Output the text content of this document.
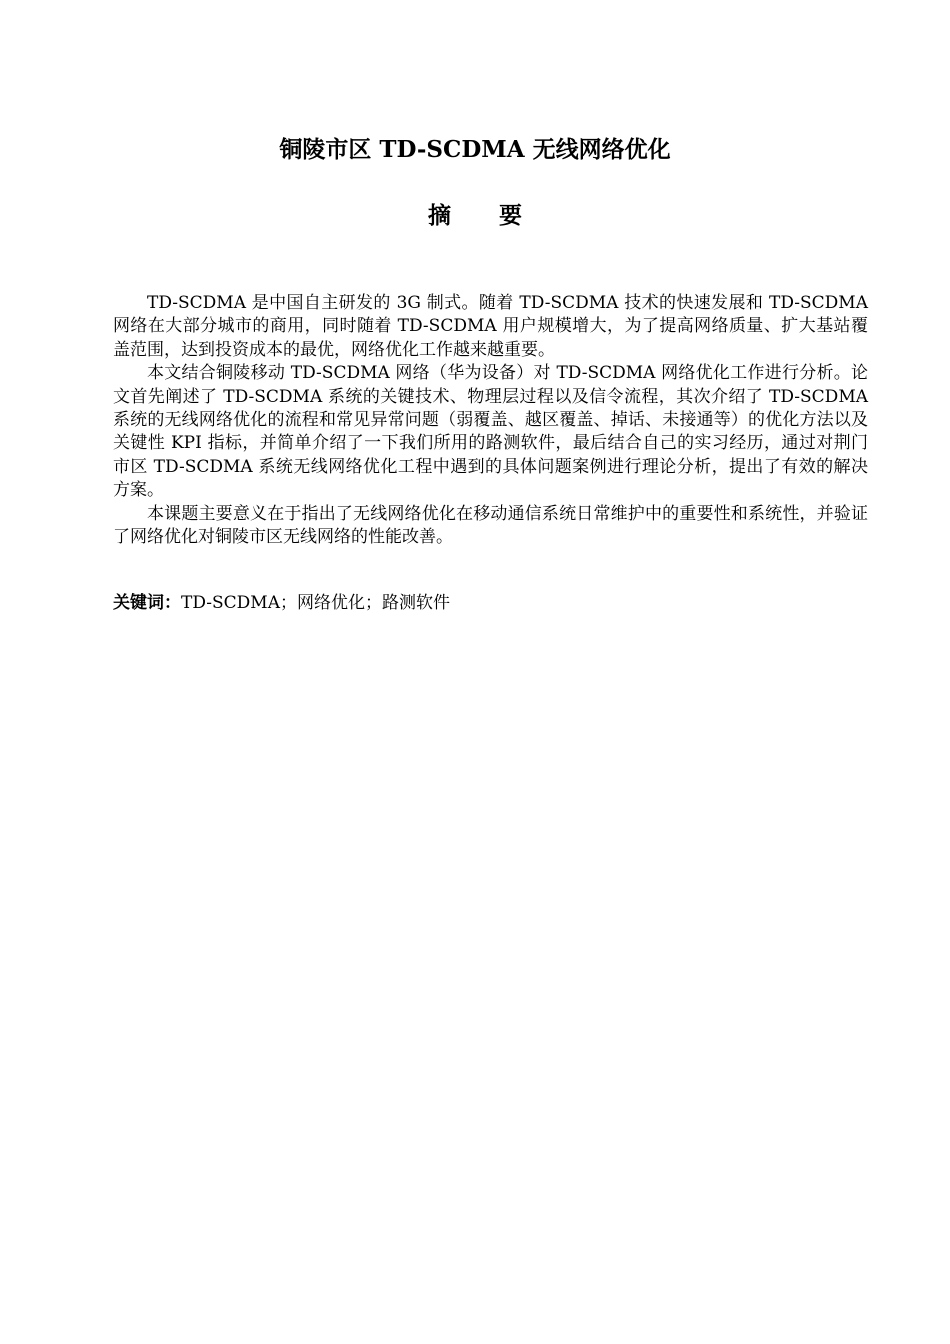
铜陵市区 TD-SCDMA 无线网络优化
摘 要

TD-SCDMA 是中国自主研发的 3G 制式。随着 TD-SCDMA 技术的快速发展和 TD-SCDMA 网络在大部分城市的商用，同时随着 TD-SCDMA 用户规模增大，为了提高网络质量、扩大基站覆盖范围，达到投资成本的最优，网络优化工作越来越重要。

本文结合铜陵移动 TD-SCDMA 网络（华为设备）对 TD-SCDMA 网络优化工作进行分析。论文首先阐述了 TD-SCDMA 系统的关键技术、物理层过程以及信令流程，其次介绍了 TD-SCDMA 系统的无线网络优化的流程和常见异常问题（弱覆盖、越区覆盖、掉话、未接通等）的优化方法以及关键性 KPI 指标，并简单介绍了一下我们所用的路测软件，最后结合自己的实习经历，通过对荆门市区 TD-SCDMA 系统无线网络优化工程中遇到的具体问题案例进行理论分析，提出了有效的解决方案。

本课题主要意义在于指出了无线网络优化在移动通信系统日常维护中的重要性和系统性，并验证了网络优化对铜陵市区无线网络的性能改善。

关键词：TD-SCDMA；网络优化；路测软件
